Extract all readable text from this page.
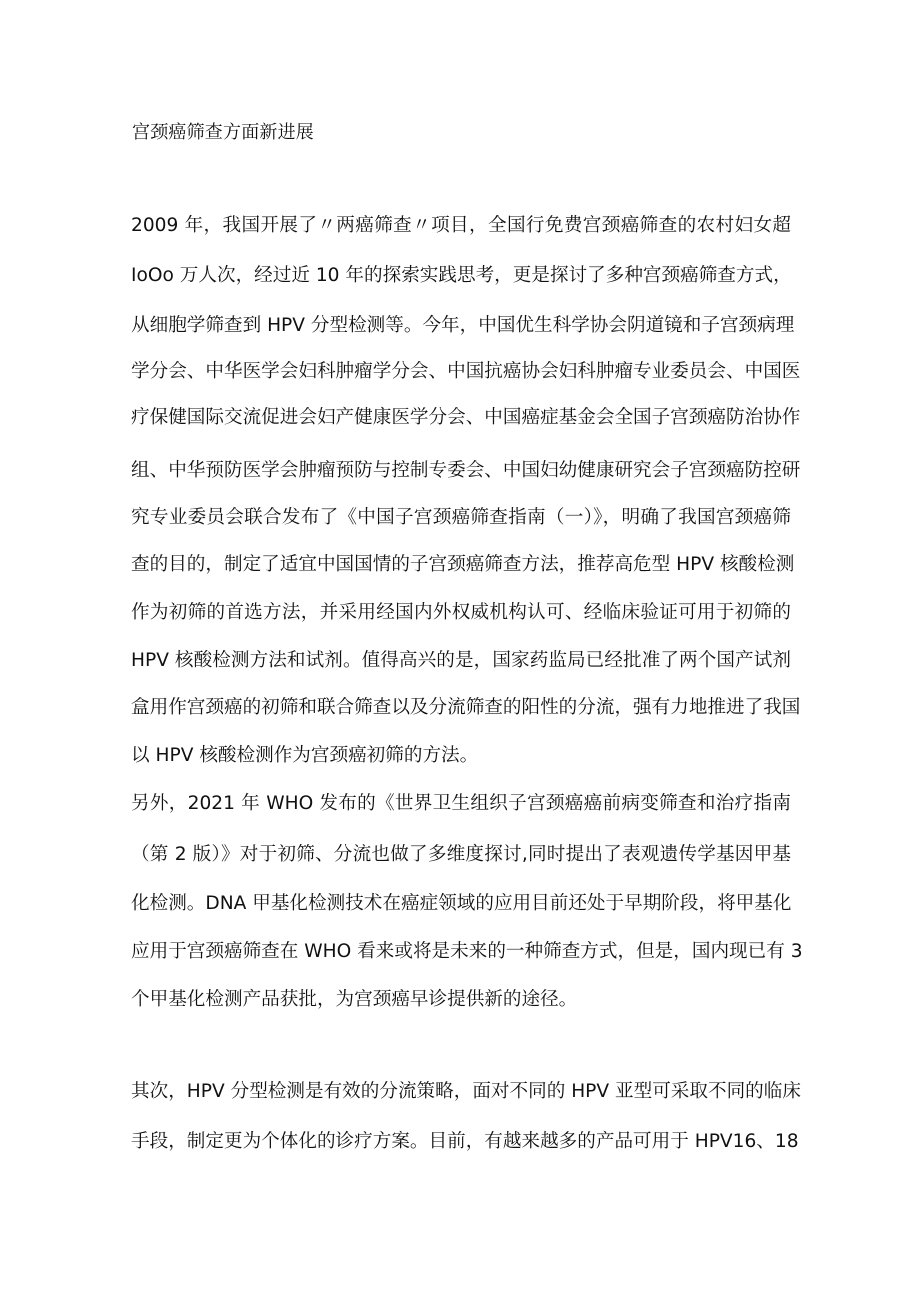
宫颈癌筛查方面新进展
2009 年，我国开展了〃两癌筛查〃项目，全国行免费宫颈癌筛查的农村妇女超
IoOo 万人次，经过近 10 年的探索实践思考，更是探讨了多种宫颈癌筛查方式，
从细胞学筛查到 HPV 分型检测等。今年，中国优生科学协会阴道镜和子宫颈病理
学分会、中华医学会妇科肿瘤学分会、中国抗癌协会妇科肿瘤专业委员会、中国医
疗保健国际交流促进会妇产健康医学分会、中国癌症基金会全国子宫颈癌防治协作
组、中华预防医学会肿瘤预防与控制专委会、中国妇幼健康研究会子宫颈癌防控研
究专业委员会联合发布了《中国子宫颈癌筛查指南（一）》，明确了我国宫颈癌筛
查的目的，制定了适宜中国国情的子宫颈癌筛查方法，推荐高危型 HPV 核酸检测
作为初筛的首选方法，并采用经国内外权威机构认可、经临床验证可用于初筛的
HPV 核酸检测方法和试剂。值得高兴的是，国家药监局已经批准了两个国产试剂
盒用作宫颈癌的初筛和联合筛查以及分流筛查的阳性的分流，强有力地推进了我国
以 HPV 核酸检测作为宫颈癌初筛的方法。
另外，2021 年 WHO 发布的《世界卫生组织子宫颈癌癌前病变筛查和治疗指南
（第 2 版）》对于初筛、分流也做了多维度探讨,同时提出了表观遗传学基因甲基
化检测。DNA 甲基化检测技术在癌症领域的应用目前还处于早期阶段，将甲基化
应用于宫颈癌筛查在 WHO 看来或将是未来的一种筛查方式，但是，国内现已有 3
个甲基化检测产品获批，为宫颈癌早诊提供新的途径。
其次，HPV 分型检测是有效的分流策略，面对不同的 HPV 亚型可采取不同的临床
手段，制定更为个体化的诊疗方案。目前，有越来越多的产品可用于 HPV16、18
